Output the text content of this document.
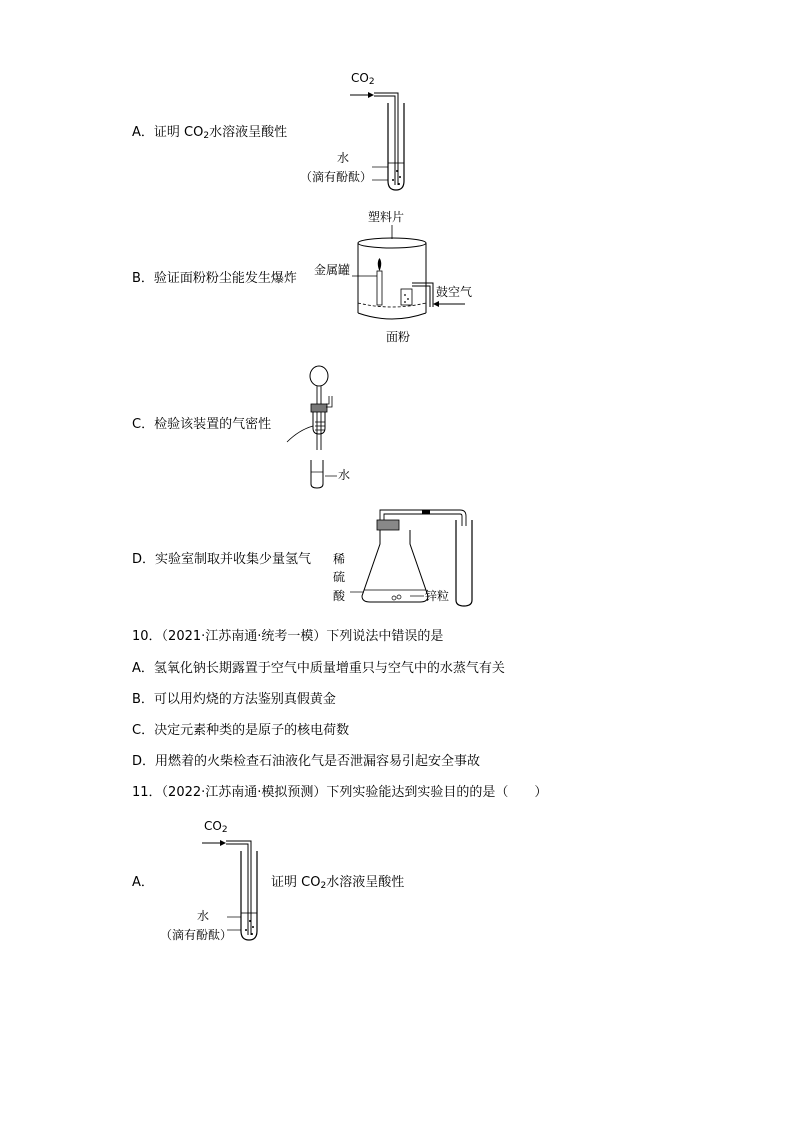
A．证明 $CO_2$水溶液呈酸性
$CO_2$
水
（滴有酚酞）
B．验证面粉粉尘能发生爆炸
塑料片
金属罐
鼓空气
面粉
C．检验该装置的气密性
水
D．实验室制取并收集少量氢气 稀
硫
酸	锌粒
10．（2021·江苏南通·统考一模）下列说法中错误的是
A．氢氧化钠长期露置于空气中质量增重只与空气中的水蒸气有关
B．可以用灼烧的方法鉴别真假黄金
C．决定元素种类的是原子的核电荷数
D．用燃着的火柴检查石油液化气是否泄漏容易引起安全事故
11．（2022·江苏南通·模拟预测）下列实验能达到实验目的的是（　　）
A．	证明 $CO_2$水溶液呈酸性
$CO_2$
水
（滴有酚酞）
